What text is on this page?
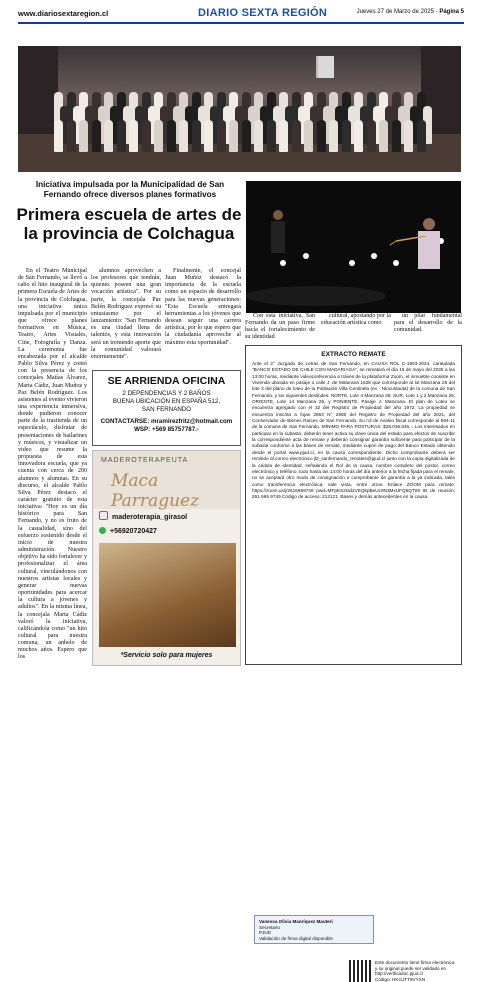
www.diariosextaregion.cl	DIARIO SEXTA REGIÓN	Jueves 27 de Marzo de 2025 - Página 5
Iniciativa impulsada por la Municipalidad de San Fernando ofrece diversos planes formativos
Primera escuela de artes de la provincia de Colchagua

En el Teatro Municipal de San Fernando, se llevó a cabo el hito inaugural de la primera Escuela de Artes de la provincia de Colchagua, una iniciativa única impulsada por el municipio que ofrece planes formativos en Música, Teatro, Artes Visuales, Cine, Fotografía y Danza. La ceremonia fue encabezada por el alcalde Pablo Silva Pérez y contó con la presencia de los concejales Matías Álvarez, Marta Cádiz, Juan Muñoz y Paz Belén Rodríguez. Los asistentes al evento vivieron una experiencia inmersiva, donde pudieron conocer parte de la trastienda de un espectáculo, disfrutar de presentaciones de bailarines y músicos, y visualizar un video que resume la propuesta de esta innovadora escuela, que ya cuenta con cerca de 200 alumnos y alumnas. En su discurso, el alcalde Pablo Silva Pérez destacó el carácter gratuito de esta iniciativa: "Hoy es un día histórico para San Fernando, y no es fruto de la casualidad, sino del esfuerzo sostenido desde el inicio de nuestra administración. Nuestro objetivo ha sido fortalecer y profesionalizar el área cultural, vinculándonos con nuestros artistas locales y generar nuevas oportunidades para acercar la cultura a jóvenes y adultos". En la misma línea, la concejala Marta Cádiz valoró la iniciativa, calificándola como "un hito cultural para nuestra comuna, un anhelo de muchos años. Espero que los

alumnos aprovechen a los profesores que tendrán, quienes poseen una gran vocación artística". Por su parte, la concejala Paz Belén Rodríguez expresó su entusiasmo por el lanzamiento: "San Fernando es una ciudad llena de talentos, y esta innovación será un tremendo aporte que la comunidad valorará enormemente".

Finalmente, el concejal Juan Muñoz destacó la importancia de la escuela como un espacio de desarrollo para las nuevas generaciones: "Esta Escuela entregará herramientas a los jóvenes que desean seguir una carrera artística, por lo que espero que la ciudadanía aproveche al máximo esta oportunidad".

Con esta iniciativa, San Fernando da un paso firme hacia el fortalecimiento de su identidad

cultural, apostando por la educación artística como

un pilar fundamental para el desarrollo de la comunidad.

SE ARRIENDA OFICINA
2 DEPENDENCIAS Y 2 BAÑOS
BUENA UBICACIÓN EN ESPAÑA 512,
SAN FERNANDO
CONTACTARSE: mramirezfritz@hotmail.com
WSP: +569 85757787.-
MADEROTERAPEUTA
Maca Parraguez
maderoterapia_girasol
+56920720427
*Servicio solo para mujeres
EXTRACTO REMATE
Ante el 2° Juzgado de Letras de San Fernando, en CAUSA ROL C-1903-2024, caratulada "BANCO ESTADO DE CHILE CON MADARIAGA", se rematará el día 15 de mayo del 2025 a las 13:00 horas, mediante videoconferencia a través de la plataforma Zoom, el inmueble consiste en Vivienda ubicada en pasaje o calle J. de Maturana 1628 que corresponde al lot Manzana 25 del lote 3 del plano de loteo de la Población Villa Centinela (ex - Nincunlauta) de la comuna de San Fernando, y los siguientes deslindes: NORTE, Lote 4 Manzana 25; SUR, Lote 1 y 2 Manzana 25; ORIENTE, Lote 14 Manzana 25, y PONIENTE, Pasaje J. Maturana. El plan de Loteo se encuentra agregado con el 32 del Registro de Propiedad del año 1972. La propiedad se encuentra inscrita a fojas 2863 N° 2958 del Registro de Propiedad del año 2021, del Conservador de Bienes Raíces de San Fernando. Su rol de Avalúo fiscal corresponde al 584-11 de la comuna de San Fernando. MÍNIMO PARA POSTURAS: $28.036.546.-. Los interesados en participar en la subasta, deberán tener activa su clave única del estado para efectos de suscribir la correspondiente acta de remate y deberán consignar garantía suficiente para participar de la subasta conforme a las bases de remate, mediante cupón de pago del Banco Estado obtenido desde el portal www.pjud.cl, en la causa correspondiente. Dicho comprobante deberá ser remitido al correo electrónico jl2_sanfernando_remates@pjud.cl junto con la copia digitalizada de la cédula de identidad, señalando el Rol de la causa, nombre completo del postor, correo electrónico y teléfono, todo hasta las 14:00 horas del día anterior a la fecha fijada para el remate, no se aceptará otro modo de consignación o comprobante de garantía a la ya indicada, tales como transferencia electrónica, vale vista, entre otros. Enlace ZOOM para remate: https://zoom.us/j/2616659749 pwd=MFpKS2tsd2VEQkpBeUc0N3MxUFQ5QT09 ID de reunión: 261 665 9749 Código de acceso: 212121. Bases y demás antecedentes en la causa.
Vanessa Olivia Manríquez Mauteri
Secretario
PJUD
Validación de firma digital disponible
Este documento tiene firma electrónica y su original puede ser validado en http://verificadoc.pjud.cl
Código: HKGJTT8VYXN
